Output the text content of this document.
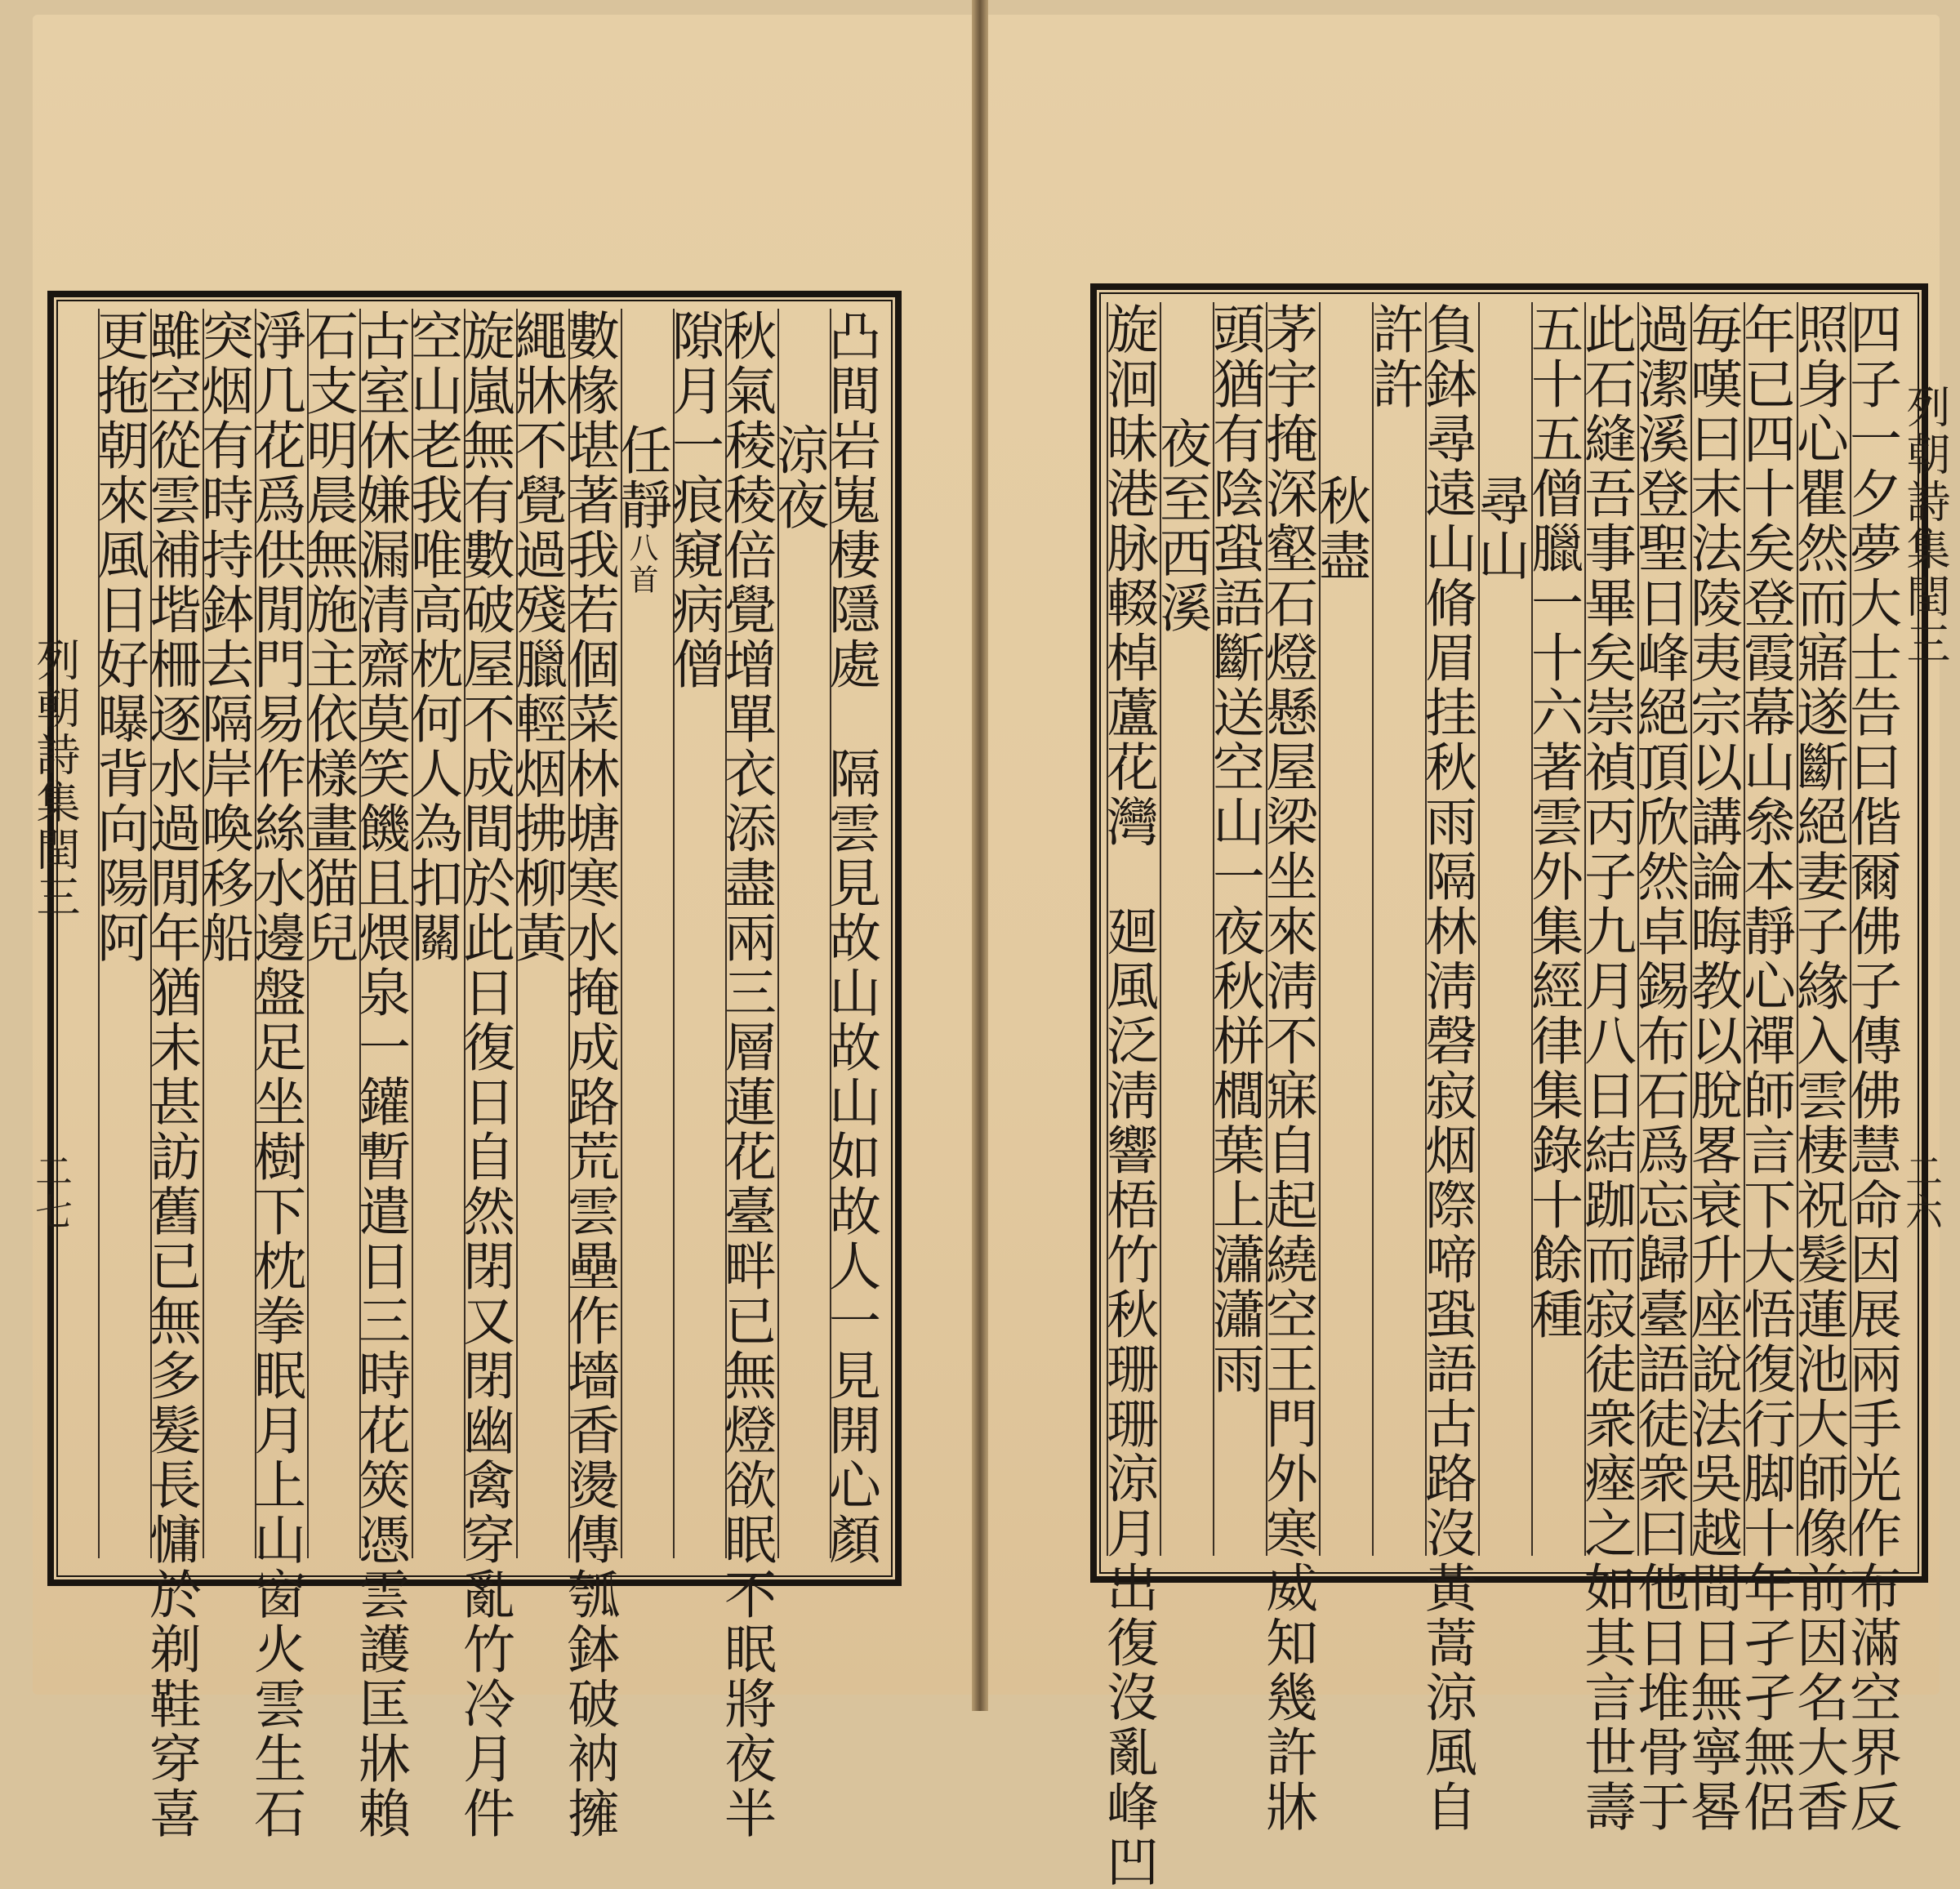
列朝詩集閏三
二七
列朝詩集閏三
二六
凸間岩嵬棲隱處　隔雲見故山故山如故人一見開心顏
涼夜
秋氣稜稜倍覺增單衣添盡兩三層蓮花臺畔已無燈欲眠不眠將夜半
隙月一痕窺病僧
任靜八首
數椽堪著我若個菜林塘寒水掩成路荒雲壘作墻香燙傳瓠鉢破衲擁
繩牀不覺過殘臘輕烟拂柳黃
旋嵐無有數破屋不成間於此日復日自然閉又閉幽禽穿亂竹冷月件
空山老我唯高枕何人為扣關
古室休嫌漏清齋莫笑饑且煨泉一鑵暫遣日三時花筴憑雲護匡牀賴
石支明晨無施主依樣畫猫兒
淨几花爲供閒門易作絲水邊盤足坐樹下枕拳眠月上山窗火雲生石
突烟有時持鉢去隔岸喚移船
雖空從雲補堦柵逐水過閒年猶未甚訪舊已無多髮長慵於剃鞋穿喜
更拖朝來風日好曝背向陽阿	四子一夕夢大士告曰偕爾佛子傳佛慧命因展兩手光作布滿空界反
照身心瞿然而寤遂斷絕妻子緣入雲棲祝髮蓮池大師像前因名大香
年已四十矣登霞幕山叅本靜心禪師言下大悟復行脚十年孑孑無侶
毎嘆曰末法陵夷宗以講論晦教以脫畧衰升座說法吳越間日無寧晷
過潔溪登聖日峰絕頂欣然卓錫布石爲忘歸臺語徒衆曰他日堆骨于
此石縫吾事畢矣崇禎丙子九月八日結跏而寂徒衆瘞之如其言世壽
五十五僧臘一十六著雲外集經律集錄十餘種
尋山
負鉢尋遠山脩眉挂秋雨隔林淸磬寂烟際啼蛩語古路沒黃蒿涼風自
許許
秋盡
茅宇掩深壑石燈懸屋梁坐來淸不寐自起繞空王門外寒威知幾許牀
頭猶有陰蛩語斷送空山一夜秋栟櫚葉上瀟瀟雨
夜至西溪
旋洄昧港脉輟棹蘆花灣　廻風泛淸響梧竹秋珊珊涼月出復沒亂峰凹
